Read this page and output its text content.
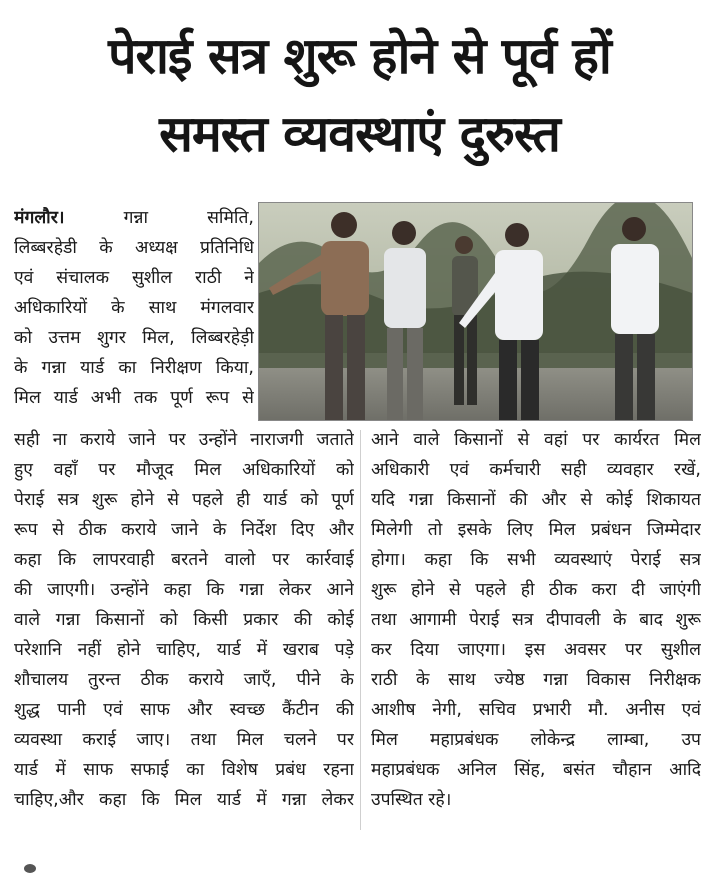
पेराई सत्र शुरू होने से पूर्व हों
समस्त व्यवस्थाएं दुरुस्त
मंगलौर।	गन्ना समिति,
लिब्बरहेडी के अध्यक्ष प्रतिनिधि
एवं संचालक सुशील राठी ने
अधिकारियों के साथ मंगलवार
को उत्तम शुगर मिल, लिब्बरहेड़ी
के गन्ना यार्ड का निरीक्षण किया,
मिल यार्ड अभी तक पूर्ण रूप से
सही ना कराये जाने पर उन्होंने नाराजगी जताते
हुए वहाँ पर मौजूद मिल अधिकारियों को
पेराई सत्र शुरू होने से पहले ही यार्ड को पूर्ण
रूप से ठीक कराये जाने के निर्देश दिए और
कहा कि लापरवाही बरतने वालो पर कार्रवाई
की जाएगी। उन्होंने कहा कि गन्ना लेकर आने
वाले गन्ना किसानों को किसी प्रकार की कोई
परेशानि नहीं होने चाहिए, यार्ड में खराब पड़े
शौचालय तुरन्त ठीक कराये जाएँ, पीने के
शुद्ध पानी एवं साफ और स्वच्छ कैंटीन की
व्यवस्था कराई जाए। तथा मिल चलने पर
यार्ड में साफ सफाई का विशेष प्रबंध रहना
चाहिए,और कहा कि मिल यार्ड में गन्ना लेकर
आने वाले किसानों से वहां पर कार्यरत मिल
अधिकारी एवं कर्मचारी सही व्यवहार रखें,
यदि गन्ना किसानों की और से कोई शिकायत
मिलेगी तो इसके लिए मिल प्रबंधन जिम्मेदार
होगा। कहा कि सभी व्यवस्थाएं पेराई सत्र
शुरू होने से पहले ही ठीक करा दी जाएंगी
तथा आगामी पेराई सत्र दीपावली के बाद शुरू
कर दिया जाएगा। इस अवसर पर सुशील
राठी के साथ ज्येष्ठ गन्ना विकास निरीक्षक
आशीष नेगी, सचिव प्रभारी मौ. अनीस एवं
मिल महाप्रबंधक लोकेन्द्र लाम्बा, उप
महाप्रबंधक अनिल सिंह, बसंत चौहान आदि
उपस्थित रहे।
